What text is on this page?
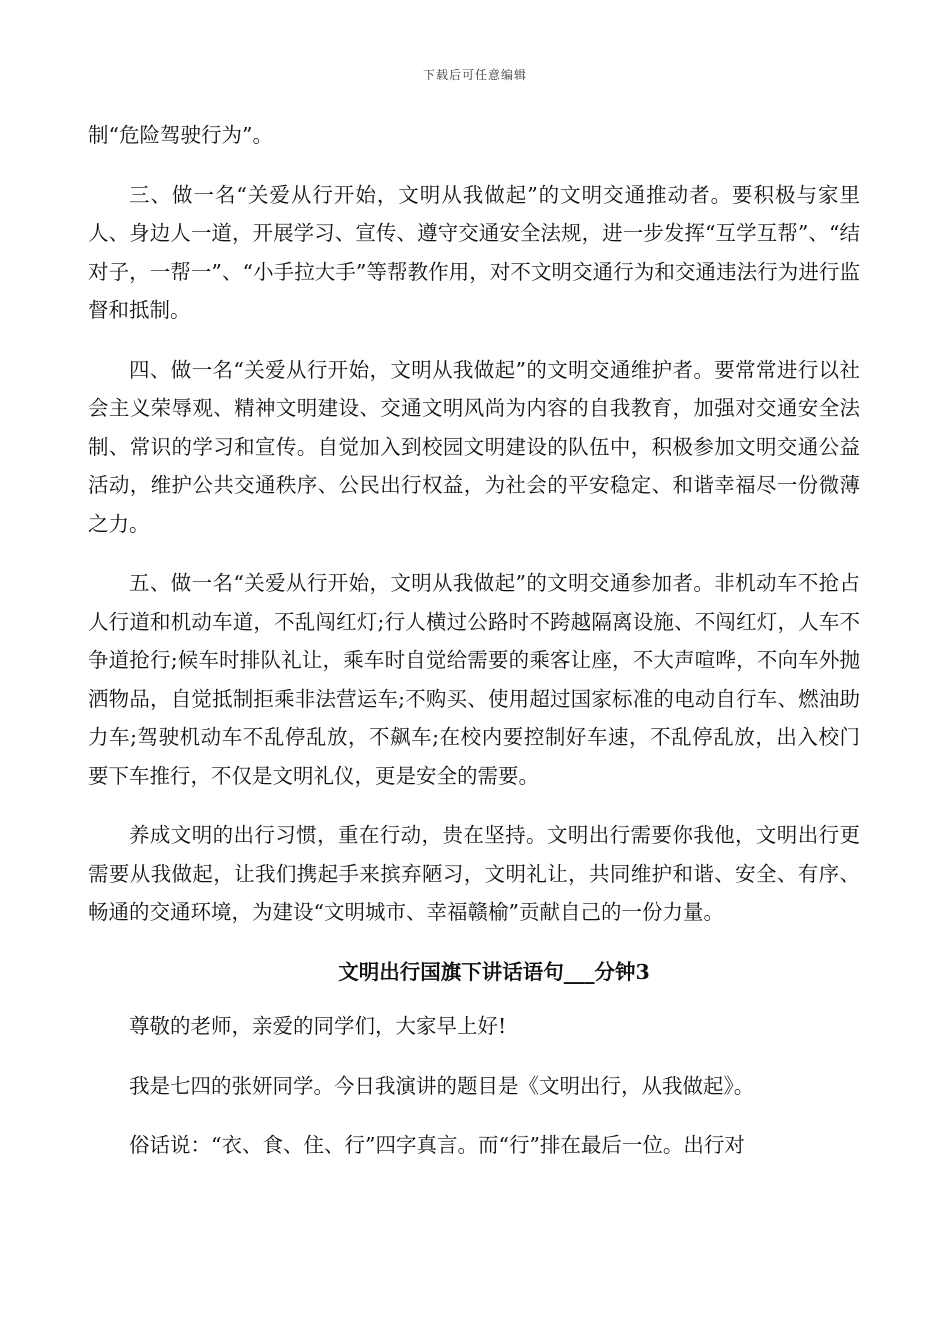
下载后可任意编辑

制“危险驾驶行为”。

三、做一名“关爱从行开始，文明从我做起”的文明交通推动者。要积极与家里人、身边人一道，开展学习、宣传、遵守交通安全法规，进一步发挥“互学互帮”、“结对子，一帮一”、“小手拉大手”等帮教作用，对不文明交通行为和交通违法行为进行监督和抵制。

四、做一名“关爱从行开始，文明从我做起”的文明交通维护者。要常常进行以社会主义荣辱观、精神文明建设、交通文明风尚为内容的自我教育，加强对交通安全法制、常识的学习和宣传。自觉加入到校园文明建设的队伍中，积极参加文明交通公益活动，维护公共交通秩序、公民出行权益，为社会的平安稳定、和谐幸福尽一份微薄之力。

五、做一名“关爱从行开始，文明从我做起”的文明交通参加者。非机动车不抢占人行道和机动车道，不乱闯红灯;行人横过公路时不跨越隔离设施、不闯红灯，人车不争道抢行;候车时排队礼让，乘车时自觉给需要的乘客让座，不大声喧哗，不向车外抛洒物品，自觉抵制拒乘非法营运车;不购买、使用超过国家标准的电动自行车、燃油助力车;驾驶机动车不乱停乱放，不飙车;在校内要控制好车速，不乱停乱放，出入校门要下车推行，不仅是文明礼仪，更是安全的需要。

养成文明的出行习惯，重在行动，贵在坚持。文明出行需要你我他，文明出行更需要从我做起，让我们携起手来摈弃陋习，文明礼让，共同维护和谐、安全、有序、畅通的交通环境，为建设“文明城市、幸福赣榆”贡献自己的一份力量。

文明出行国旗下讲话语句___分钟3

尊敬的老师，亲爱的同学们，大家早上好!

我是七四的张妍同学。今日我演讲的题目是《文明出行，从我做起》。

俗话说：“衣、食、住、行”四字真言。而“行”排在最后一位。出行对
